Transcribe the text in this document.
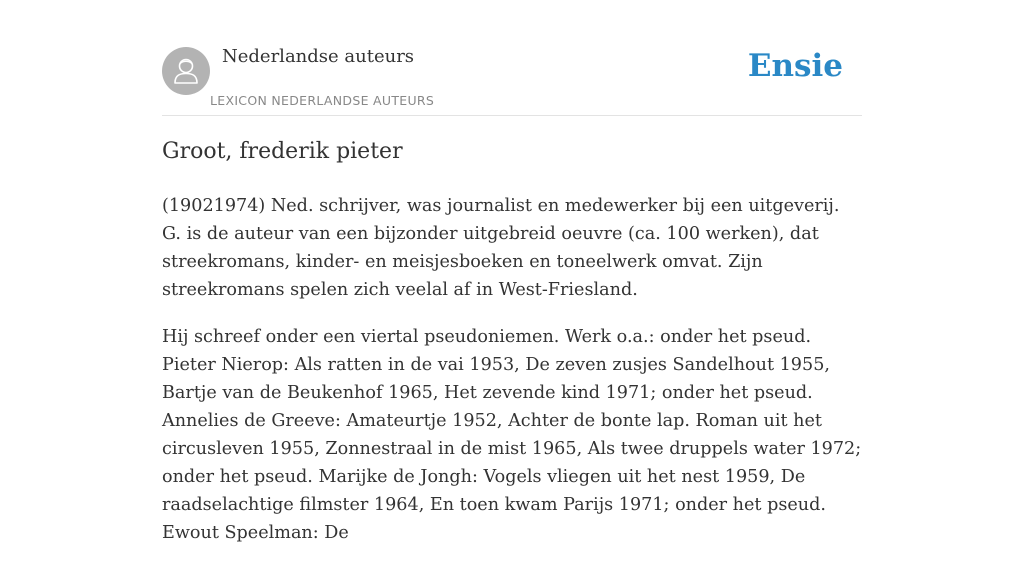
Nederlandse auteurs
LEXICON NEDERLANDSE AUTEURS
Ensie
Groot, frederik pieter

(19021974) Ned. schrijver, was journalist en medewerker bij een uitgeverij. G. is de auteur van een bijzonder uitgebreid oeuvre (ca. 100 werken), dat streekromans, kinder- en meisjesboeken en toneelwerk omvat. Zijn streekromans spelen zich veelal af in West-Friesland.

Hij schreef onder een viertal pseudoniemen. Werk o.a.: onder het pseud. Pieter Nierop: Als ratten in de vai 1953, De zeven zusjes Sandelhout 1955, Bartje van de Beukenhof 1965, Het zevende kind 1971; onder het pseud. Annelies de Greeve: Amateurtje 1952, Achter de bonte lap. Roman uit het circusleven 1955, Zonnestraal in de mist 1965, Als twee druppels water 1972; onder het pseud. Marijke de Jongh: Vogels vliegen uit het nest 1959, De raadselachtige filmster 1964, En toen kwam Parijs 1971; onder het pseud. Ewout Speelman: De
